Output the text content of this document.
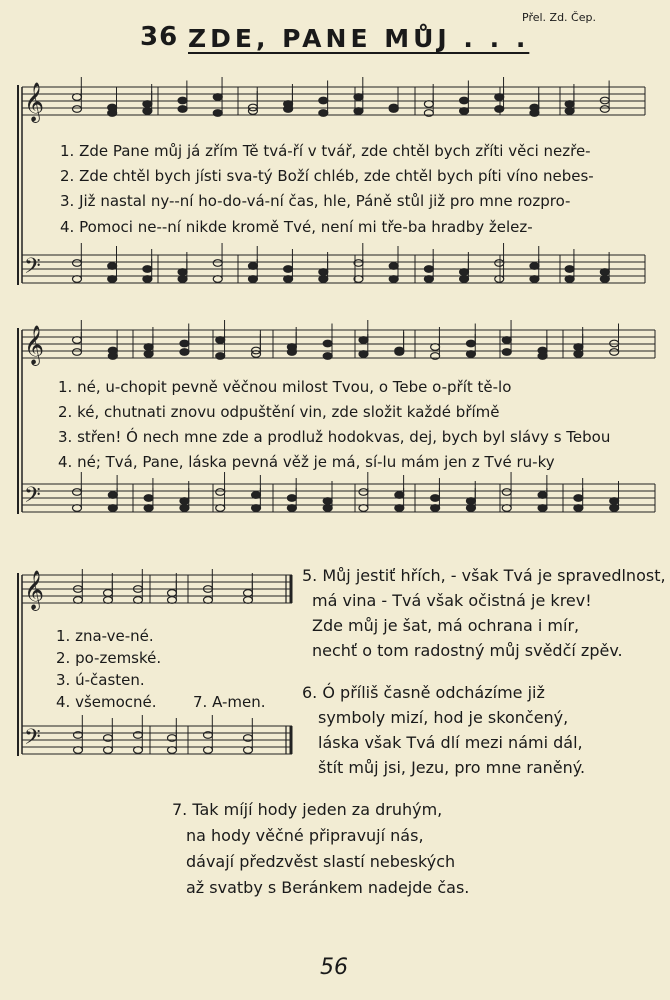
36 ZDE, PANE MŮJ . . .
Přel. Zd. Čep.
𝄞
𝄢
𝄞
𝄢
𝄞
𝄢
1. Zde Pane můj já zřím Tě tvá-ří v tvář, zde chtěl bych zříti věci nezře-
2. Zde chtěl bych jísti sva-tý Boží chléb, zde chtěl bych píti víno nebes-
3. Již nastal ny--ní ho-do-vá-ní čas, hle, Páně stůl již pro mne rozpro-
4. Pomoci ne--ní nikde kromě Tvé, není mi tře-ba hradby želez-
1. né, u-chopit pevně věčnou milost Tvou, o Tebe o-přít tě-lo
2. ké, chutnati znovu odpuštění vin, zde složit každé břímě
3. střen! Ó nech mne zde a prodluž hodokvas, dej, bych byl slávy s Tebou
4. né; Tvá, Pane, láska pevná věž je má, sí-lu mám jen z Tvé ru-ky
1. zna-ve-né.
2. po-zemské.
3. ú-časten.
4. všemocné. 7. A-men.
5. Můj jestiť hřích, - však Tvá je spravedlnost,
má vina - Tvá však očistná je krev!
Zde můj je šat, má ochrana i mír,
nechť o tom radostný můj svědčí zpěv.
6. Ó příliš časně odcházíme již
symboly mizí, hod je skončený,
láska však Tvá dlí mezi námi dál,
štít můj jsi, Jezu, pro mne raněný.
7. Tak míjí hody jeden za druhým,
na hody věčné připravují nás,
dávají předzvěst slastí nebeských
až svatby s Beránkem nadejde čas.
56
